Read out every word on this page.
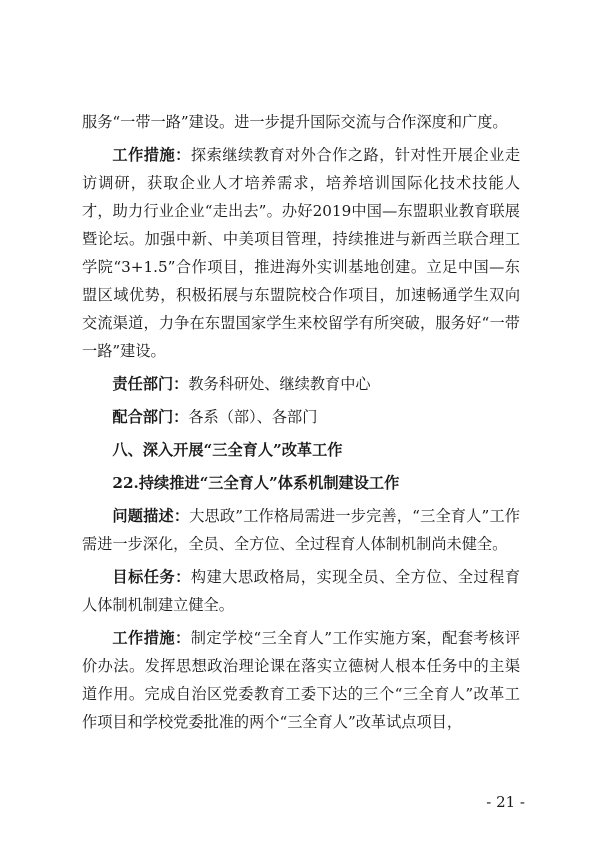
服务“一带一路”建设。进一步提升国际交流与合作深度和广度。

工作措施：探索继续教育对外合作之路，针对性开展企业走访调研，获取企业人才培养需求，培养培训国际化技术技能人才，助力行业企业“走出去”。办好2019中国—东盟职业教育联展暨论坛。加强中新、中美项目管理，持续推进与新西兰联合理工学院“3+1.5”合作项目，推进海外实训基地创建。立足中国—东盟区域优势，积极拓展与东盟院校合作项目，加速畅通学生双向交流渠道，力争在东盟国家学生来校留学有所突破，服务好“一带一路”建设。

责任部门：教务科研处、继续教育中心

配合部门：各系（部）、各部门

八、深入开展“三全育人”改革工作

22.持续推进“三全育人”体系机制建设工作

问题描述：大思政”工作格局需进一步完善，“三全育人”工作需进一步深化，全员、全方位、全过程育人体制机制尚未健全。

目标任务：构建大思政格局，实现全员、全方位、全过程育人体制机制建立健全。

工作措施：制定学校“三全育人”工作实施方案，配套考核评价办法。发挥思想政治理论课在落实立德树人根本任务中的主渠道作用。完成自治区党委教育工委下达的三个“三全育人”改革工作项目和学校党委批准的两个“三全育人”改革试点项目，

- 21 -
